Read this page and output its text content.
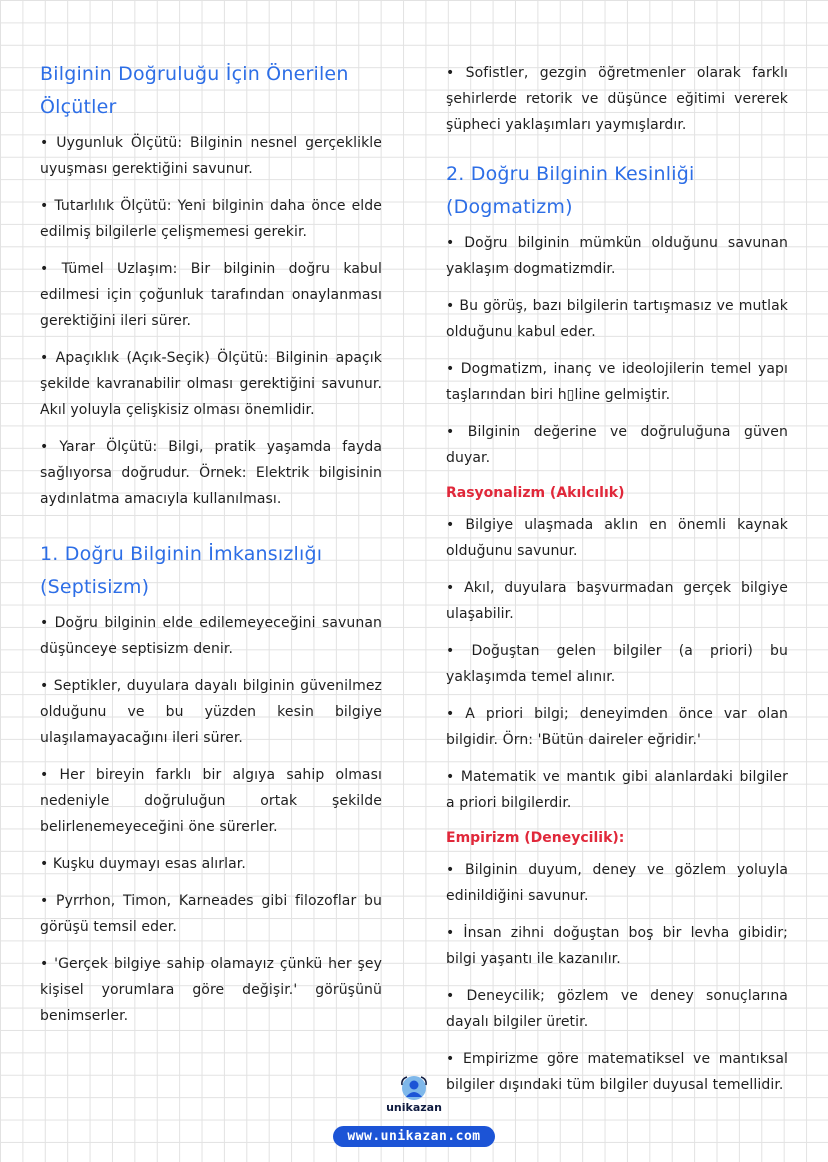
Bilginin Doğruluğu İçin Önerilen Ölçütler

• Uygunluk Ölçütü: Bilginin nesnel gerçeklikle uyuşması gerektiğini savunur.

• Tutarlılık Ölçütü: Yeni bilginin daha önce elde edilmiş bilgilerle çelişmemesi gerekir.

• Tümel Uzlaşım: Bir bilginin doğru kabul edilmesi için çoğunluk tarafından onaylanması gerektiğini ileri sürer.

• Apaçıklık (Açık-Seçik) Ölçütü: Bilginin apaçık şekilde kavranabilir olması gerektiğini savunur. Akıl yoluyla çelişkisiz olması önemlidir.

• Yarar Ölçütü: Bilgi, pratik yaşamda fayda sağlıyorsa doğrudur. Örnek: Elektrik bilgisinin aydınlatma amacıyla kullanılması.

1. Doğru Bilginin İmkansızlığı (Septisizm)

• Doğru bilginin elde edilemeyeceğini savunan düşünceye septisizm denir.

• Septikler, duyulara dayalı bilginin güvenilmez olduğunu ve bu yüzden kesin bilgiye ulaşılamayacağını ileri sürer.

• Her bireyin farklı bir algıya sahip olması nedeniyle doğruluğun ortak şekilde belirlenemeyeceğini öne sürerler.

• Kuşku duymayı esas alırlar.

• Pyrrhon, Timon, Karneades gibi filozoflar bu görüşü temsil eder.

• 'Gerçek bilgiye sahip olamayız çünkü her şey kişisel yorumlara göre değişir.' görüşünü benimserler.

• Sofistler, gezgin öğretmenler olarak farklı şehirlerde retorik ve düşünce eğitimi vererek şüpheci yaklaşımları yaymışlardır.

2. Doğru Bilginin Kesinliği (Dogmatizm)

• Doğru bilginin mümkün olduğunu savunan yaklaşım dogmatizmdir.

• Bu görüş, bazı bilgilerin tartışmasız ve mutlak olduğunu kabul eder.

• Dogmatizm, inanç ve ideolojilerin temel yapı taşlarından biri h▯line gelmiştir.

• Bilginin değerine ve doğruluğuna güven duyar.

Rasyonalizm (Akılcılık)

• Bilgiye ulaşmada aklın en önemli kaynak olduğunu savunur.

• Akıl, duyulara başvurmadan gerçek bilgiye ulaşabilir.

• Doğuştan gelen bilgiler (a priori) bu yaklaşımda temel alınır.

• A priori bilgi; deneyimden önce var olan bilgidir. Örn: 'Bütün daireler eğridir.'

• Matematik ve mantık gibi alanlardaki bilgiler a priori bilgilerdir.

Empirizm (Deneycilik):

• Bilginin duyum, deney ve gözlem yoluyla edinildiğini savunur.

• İnsan zihni doğuştan boş bir levha gibidir; bilgi yaşantı ile kazanılır.

• Deneycilik; gözlem ve deney sonuçlarına dayalı bilgiler üretir.

• Empirizme göre matematiksel ve mantıksal bilgiler dışındaki tüm bilgiler duyusal temellidir.

unikazan
www.unikazan.com
